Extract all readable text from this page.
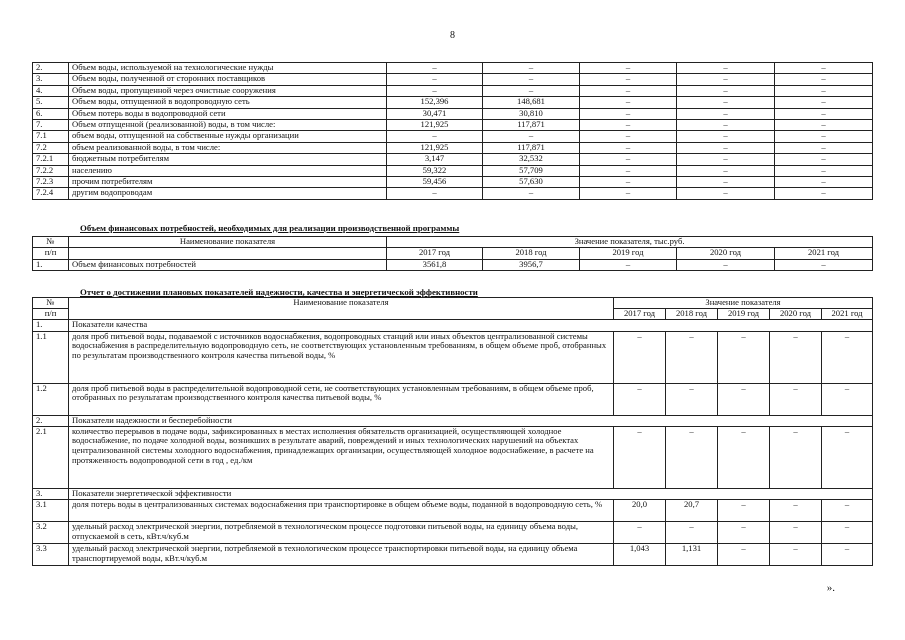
8
2.	Объем воды, используемой на технологические нужды	–	–	–	–	–
3.	Объем воды, полученной от сторонних поставщиков	–	–	–	–	–
4.	Объем воды, пропущенной через очистные сооружения	–	–	–	–	–
5.	Объем воды, отпущенной в водопроводную сеть	152,396	148,681	–	–	–
6.	Объем потерь воды в водопроводной сети	30,471	30,810	–	–	–
7.	Объем отпущенной (реализованной) воды, в том числе:	121,925	117,871	–	–	–
7.1	объем воды, отпущенной на собственные нужды организации	–	–	–	–	–
7.2	объем реализованной воды, в том числе:	121,925	117,871	–	–	–
7.2.1	бюджетным потребителям	3,147	32,532	–	–	–
7.2.2	населению	59,322	57,709	–	–	–
7.2.3	прочим потребителям	59,456	57,630	–	–	–
7.2.4	другим водопроводам	–	–	–	–	–
Объем финансовых потребностей, необходимых для реализации производственной программы
№	Наименование показателя	Значение показателя, тыс.руб.				
п/п		2017 год	2018 год	2019 год	2020 год	2021 год
1.	Объем финансовых потребностей	3561,8	3956,7	–	–	–
Отчет о достижении плановых показателей надежности, качества и энергетической эффективности
№	Наименование показателя	Значение показателя				
п/п		2017 год	2018 год	2019 год	2020 год	2021 год
1.	Показатели качества					
1.1	доля проб питьевой воды, подаваемой с источников водоснабжения, водопроводных станций или иных объектов централизованной системы водоснабжения в распределительную водопроводную сеть, не соответствующих установленным требованиям, в общем объеме проб, отобранных по результатам производственного контроля качества питьевой воды, %	–	–	–	–	–
1.2	доля проб питьевой воды в распределительной водопроводной сети, не соответствующих установленным требованиям, в общем объеме проб, отобранных по результатам производственного контроля качества питьевой воды, %	–	–	–	–	–
2.	Показатели надежности и бесперебойности					
2.1	количество перерывов в подаче воды, зафиксированных в местах исполнения обязательств организацией, осуществляющей холодное водоснабжение, по подаче холодной воды, возникших в результате аварий, повреждений и иных технологических нарушений на объектах централизованной системы холодного водоснабжения, принадлежащих организации, осуществляющей холодное водоснабжение, в расчете на протяженность водопроводной сети в год , ед./км	–	–	–	–	–
3.	Показатели энергетической эффективности					
3.1	доля потерь воды в централизованных системах водоснабжения при транспортировке в общем объеме воды, поданной в водопроводную сеть, %	20,0	20,7	–	–	–
3.2	удельный расход электрической энергии, потребляемой в технологическом процессе подготовки питьевой воды, на единицу объема воды, отпускаемой в сеть, кВт.ч/куб.м	–	–	–	–	–
3.3	удельный расход электрической энергии, потребляемой в технологическом процессе транспортировки питьевой воды, на единицу объема транспортируемой воды, кВт.ч/куб.м	1,043	1,131	–	–	–
».
